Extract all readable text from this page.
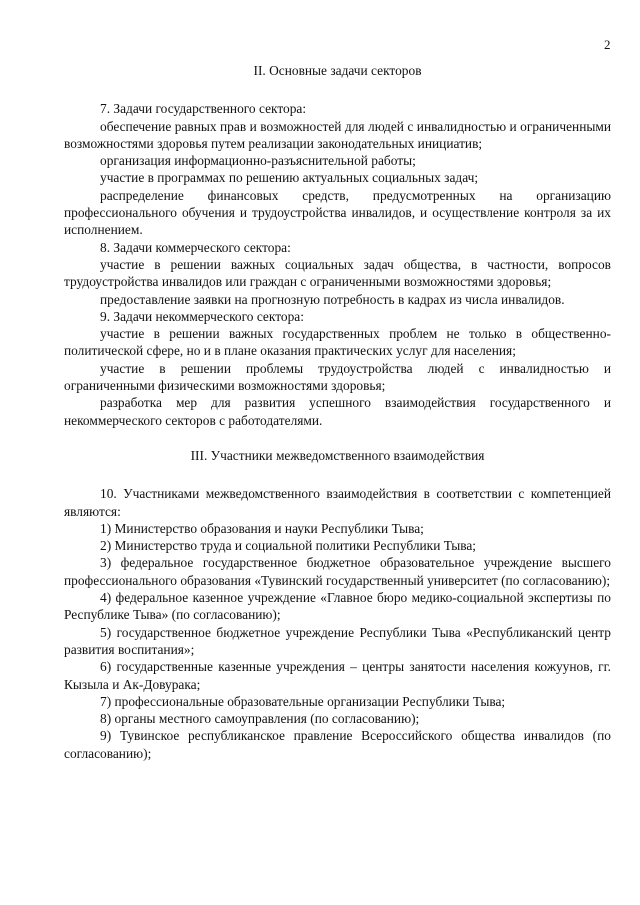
2
II. Основные задачи секторов

7. Задачи государственного сектора:

обеспечение равных прав и возможностей для людей с инвалидностью и ограниченными возможностями здоровья путем реализации законодательных инициатив;

организация информационно-разъяснительной работы;

участие в программах по решению актуальных социальных задач;

распределение финансовых средств, предусмотренных на организацию профессионального обучения и трудоустройства инвалидов, и осуществление контроля за их исполнением.

8. Задачи коммерческого сектора:

участие в решении важных социальных задач общества, в частности, вопросов трудоустройства инвалидов или граждан с ограниченными возможностями здоровья;

предоставление заявки на прогнозную потребность в кадрах из числа инвалидов.

9. Задачи некоммерческого сектора:

участие в решении важных государственных проблем не только в общественно-политической сфере, но и в плане оказания практических услуг для населения;

участие в решении проблемы трудоустройства людей с инвалидностью и ограниченными физическими возможностями здоровья;

разработка мер для развития успешного взаимодействия государственного и некоммерческого секторов с работодателями.

III. Участники межведомственного взаимодействия

10. Участниками межведомственного взаимодействия в соответствии с компетенцией являются:

1) Министерство образования и науки Республики Тыва;

2) Министерство труда и социальной политики Республики Тыва;

3) федеральное государственное бюджетное образовательное учреждение высшего профессионального образования «Тувинский государственный университет (по согласованию);

4) федеральное казенное учреждение «Главное бюро медико-социальной экспертизы по Республике Тыва» (по согласованию);

5) государственное бюджетное учреждение Республики Тыва «Республиканский центр развития воспитания»;

6) государственные казенные учреждения – центры занятости населения кожуунов, гг. Кызыла и Ак-Довурака;

7) профессиональные образовательные организации Республики Тыва;

8) органы местного самоуправления (по согласованию);

9) Тувинское республиканское правление Всероссийского общества инвалидов (по согласованию);
